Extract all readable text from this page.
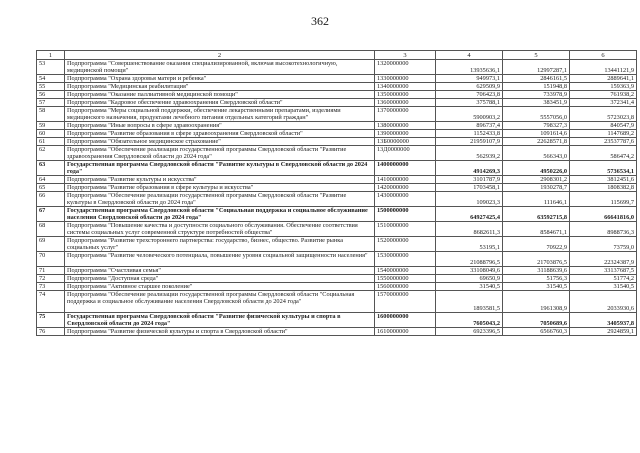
362
1	2	3	4	5	6
53	Подпрограмма "Совершенствование оказания специализированной, включая высокотехнологичную, медицинской помощи"	1320000000	13935636,1	12997287,1	13441121,9
54	Подпрограмма "Охрана здоровья матери и ребенка"	1330000000	949973,1	2846161,5	2889641,1
55	Подпрограмма "Медицинская реабилитация"	1340000000	629509,9	151948,8	159363,9
56	Подпрограмма "Оказание паллиативной медицинской помощи"	1350000000	706423,8	733978,9	761938,2
57	Подпрограмма "Кадровое обеспечение здравоохранения Свердловской области"	1360000000	375788,1	383451,9	372341,4
58	Подпрограмма "Меры социальной поддержки, обеспечение лекарственными препаратами, изделиями медицинского назначения, продуктами лечебного питания отдельных категорий граждан"	1370000000	5900903,2	5557056,0	5723023,8
59	Подпрограмма "Иные вопросы в сфере здравоохранения"	1380000000	896737,4	798327,3	840547,9
60	Подпрограмма "Развитие образования в сфере здравоохранения Свердловской области"	1390000000	1152433,8	1091614,6	1147689,2
61	Подпрограмма "Обязательное медицинское страхование"	13Б0000000	21959107,9	22628571,8	23537787,6
62	Подпрограмма "Обеспечение реализации государственной программы Свердловской области "Развитие здравоохранения Свердловской области до 2024 года"	13Д0000000	562939,2	566343,0	586474,2
63	Государственная программа Свердловской области "Развитие культуры в Свердловской области до 2024 года"	1400000000	4914269,3	4950226,0	5736534,1
64	Подпрограмма "Развитие культуры и искусства"	1410000000	3101787,9	2908301,2	3812451,6
65	Подпрограмма "Развитие образования в сфере культуры и искусства"	1420000000	1703458,1	1930278,7	1808382,8
66	Подпрограмма "Обеспечение реализации государственной программы Свердловской области "Развитие культуры в Свердловской области до 2024 года"	1430000000	109023,3	111646,1	115699,7
67	Государственная программа Свердловской области "Социальная поддержка и социальное обслуживание населения Свердловской области до 2024 года"	1500000000	64927425,4	63592715,8	66641816,0
68	Подпрограмма "Повышение качества и доступности социального обслуживания. Обеспечение соответствия системы социальных услуг современной структуре потребностей общества"	1510000000	8682611,3	8584671,1	8988736,3
69	Подпрограмма "Развитие трехстороннего партнерства: государство, бизнес, общество. Развитие рынка социальных услуг"	1520000000	53195,1	70922,9	73759,0
70	Подпрограмма "Развитие человеческого потенциала, повышение уровня социальной защищенности населения"	1530000000	21088796,5	21703876,5	22324387,9
71	Подпрограмма "Счастливая семья"	1540000000	33108049,6	31188639,6	33137687,5
72	Подпрограмма "Доступная среда"	1550000000	69650,9	51756,3	51774,2
73	Подпрограмма "Активное старшее поколение"	1560000000	31540,5	31540,5	31540,5
74	Подпрограмма "Обеспечение реализации государственной программы Свердловской области "Социальная поддержка и социальное обслуживание населения Свердловской области до 2024 года"	1570000000	1893581,5	1961308,9	2033930,6
75	Государственная программа Свердловской области "Развитие физической культуры и спорта в Свердловской области до 2024 года"	1600000000	7605043,2	7050689,6	3405937,8
76	Подпрограмма "Развитие физической культуры и спорта в Свердловской области"	1610000000	6923396,5	6566760,3	2924859,1
